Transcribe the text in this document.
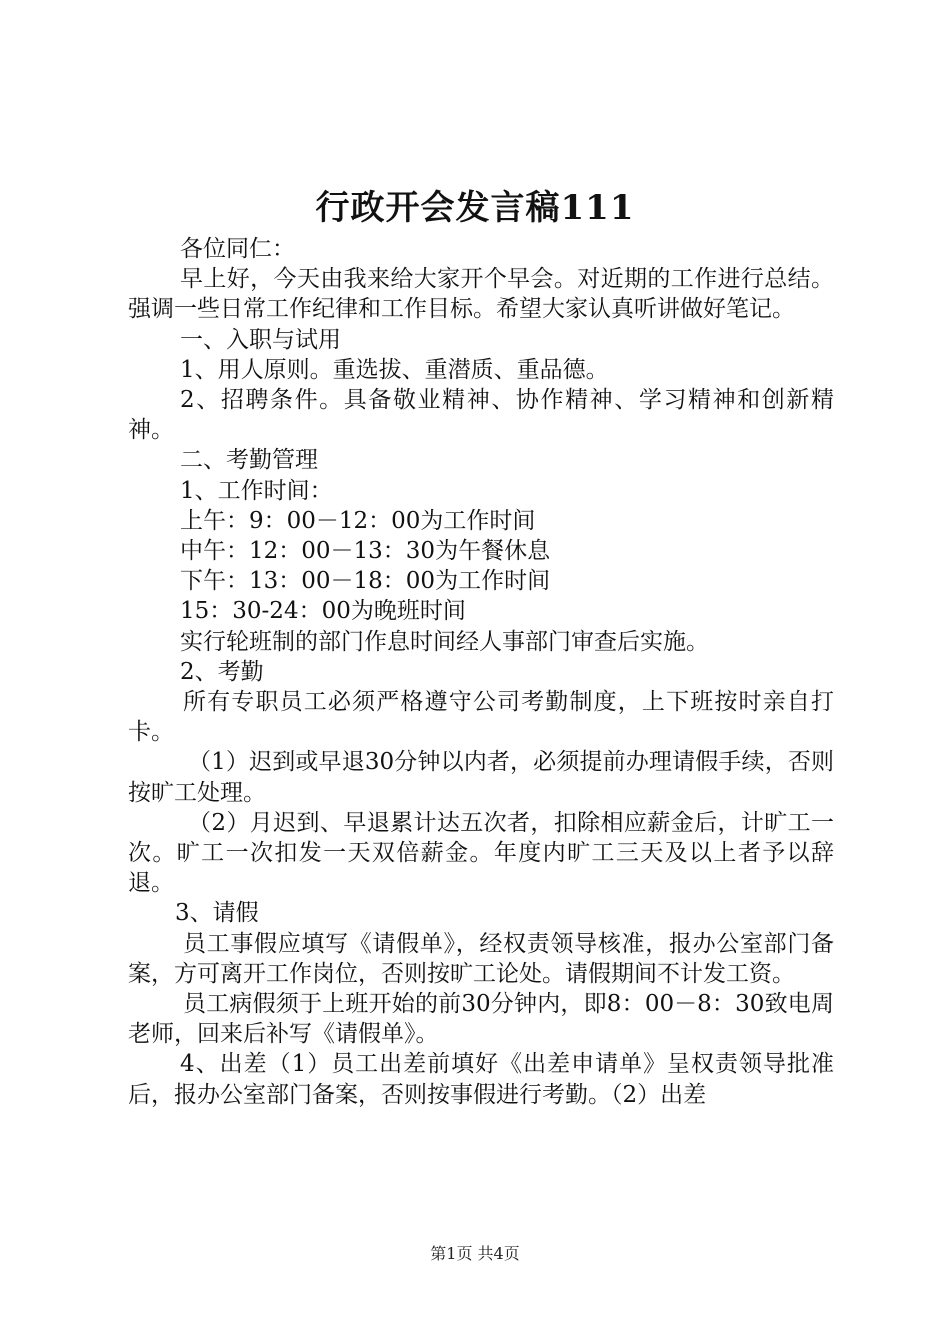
行政开会发言稿111

各位同仁：

早上好，今天由我来给大家开个早会。对近期的工作进行总结。强调一些日常工作纪律和工作目标。希望大家认真听讲做好笔记。

一、入职与试用

1、用人原则。重选拔、重潜质、重品德。

2、招聘条件。具备敬业精神、协作精神、学习精神和创新精神。

二、考勤管理

1、工作时间：

上午：9：00－12：00为工作时间

中午：12：00－13：30为午餐休息

下午：13：00－18：00为工作时间

15：30-24：00为晚班时间

实行轮班制的部门作息时间经人事部门审查后实施。

2、考勤

所有专职员工必须严格遵守公司考勤制度，上下班按时亲自打卡。

（1）迟到或早退30分钟以内者，必须提前办理请假手续，否则按旷工处理。

（2）月迟到、早退累计达五次者，扣除相应薪金后，计旷工一次。旷工一次扣发一天双倍薪金。年度内旷工三天及以上者予以辞退。

3、请假

员工事假应填写《请假单》，经权责领导核准，报办公室部门备案，方可离开工作岗位，否则按旷工论处。请假期间不计发工资。

员工病假须于上班开始的前30分钟内，即8：00－8：30致电周老师，回来后补写《请假单》。

4、出差（1）员工出差前填好《出差申请单》呈权责领导批准后，报办公室部门备案，否则按事假进行考勤。（2）出差

第1页 共4页
